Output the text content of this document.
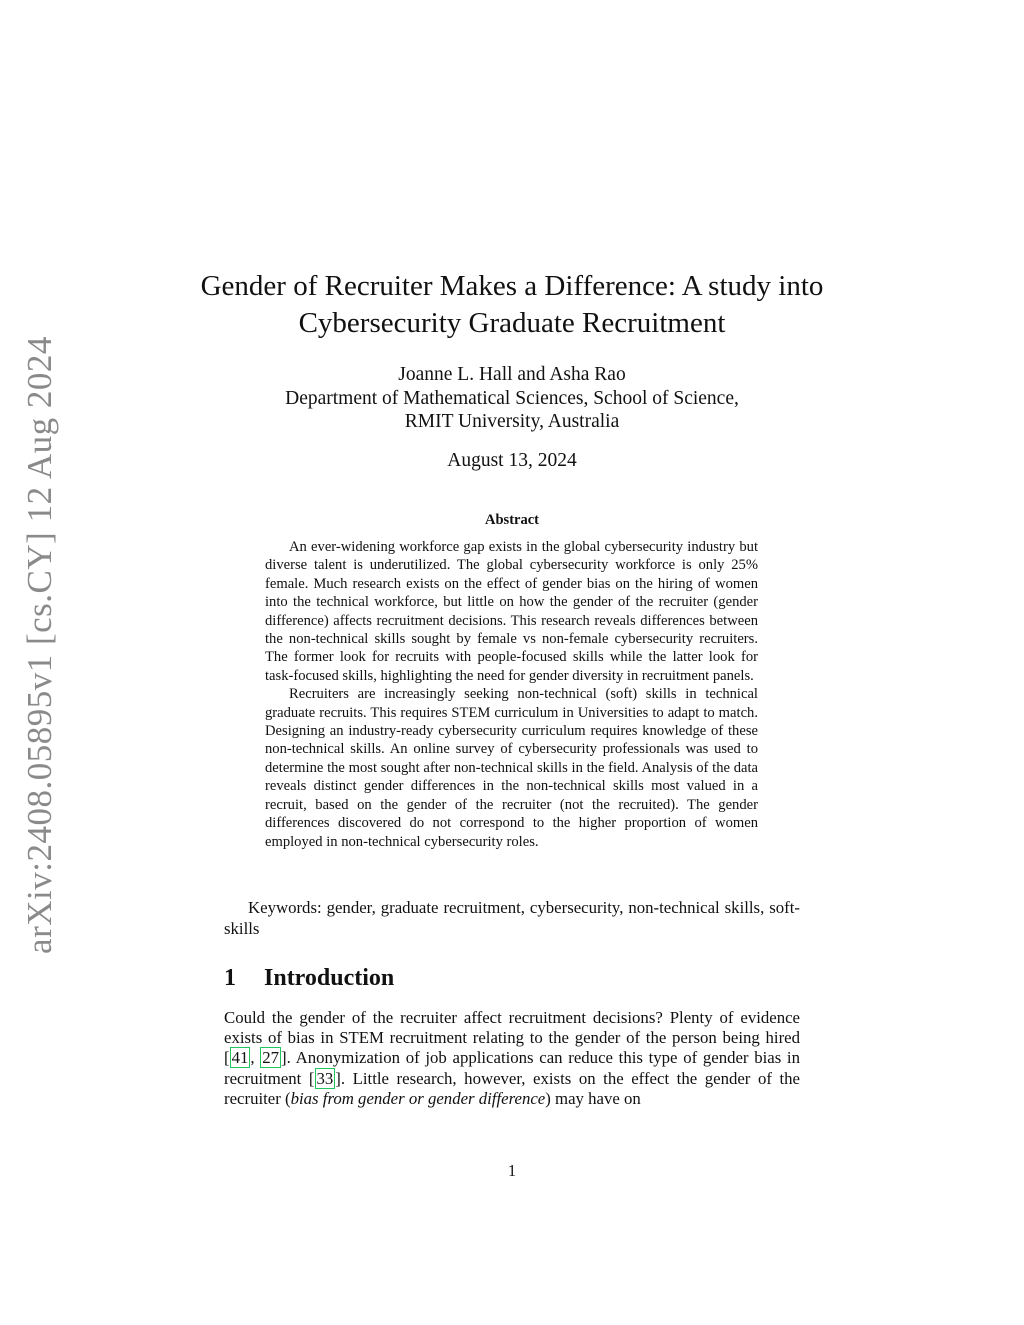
arXiv:2408.05895v1 [cs.CY] 12 Aug 2024
Gender of Recruiter Makes a Difference: A study into Cybersecurity Graduate Recruitment
Joanne L. Hall and Asha Rao
Department of Mathematical Sciences, School of Science,
RMIT University, Australia
August 13, 2024
Abstract

An ever-widening workforce gap exists in the global cybersecurity industry but diverse talent is underutilized. The global cybersecurity workforce is only 25% female. Much research exists on the effect of gender bias on the hiring of women into the technical workforce, but little on how the gender of the recruiter (gender difference) affects recruitment decisions. This research reveals differences between the non-technical skills sought by female vs non-female cybersecurity recruiters. The former look for recruits with people-focused skills while the latter look for task-focused skills, highlighting the need for gender diversity in recruitment panels.

Recruiters are increasingly seeking non-technical (soft) skills in technical graduate recruits. This requires STEM curriculum in Universities to adapt to match. Designing an industry-ready cybersecurity curriculum requires knowledge of these non-technical skills. An online survey of cybersecurity professionals was used to determine the most sought after non-technical skills in the field. Analysis of the data reveals distinct gender differences in the non-technical skills most valued in a recruit, based on the gender of the recruiter (not the recruited). The gender differences discovered do not correspond to the higher proportion of women employed in non-technical cybersecurity roles.

Keywords: gender, graduate recruitment, cybersecurity, non-technical skills, soft-skills
1 Introduction

Could the gender of the recruiter affect recruitment decisions? Plenty of evidence exists of bias in STEM recruitment relating to the gender of the person being hired [ 41 , 27 ]. Anonymization of job applications can reduce this type of gender bias in recruitment [ 33 ]. Little research, however, exists on the effect the gender of the recruiter (bias from gender or gender difference) may have on

1
